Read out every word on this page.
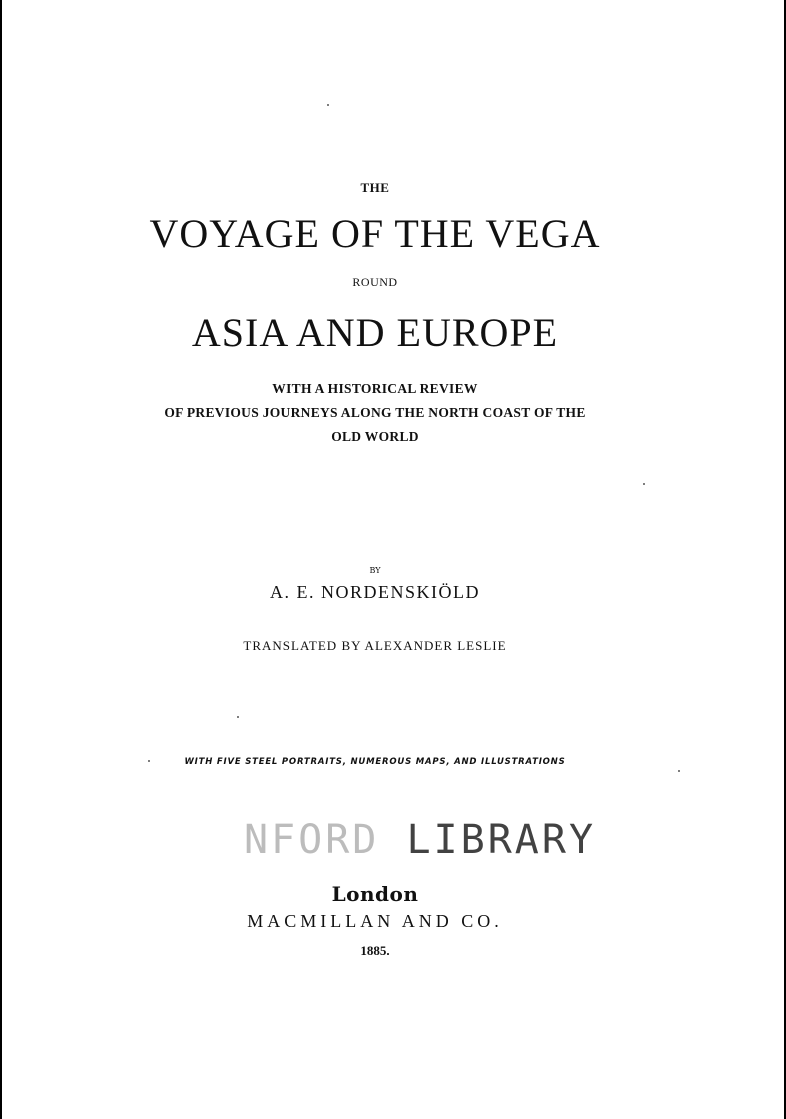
THE
VOYAGE OF THE VEGA
ROUND
ASIA AND EUROPE
WITH A HISTORICAL REVIEW
OF PREVIOUS JOURNEYS ALONG THE NORTH COAST OF THE
OLD WORLD
BY
A. E. NORDENSKIÖLD
TRANSLATED BY ALEXANDER LESLIE
WITH FIVE STEEL PORTRAITS, NUMEROUS MAPS, AND ILLUSTRATIONS
NFORD LIBRARY
London
MACMILLAN AND CO.
1885.
